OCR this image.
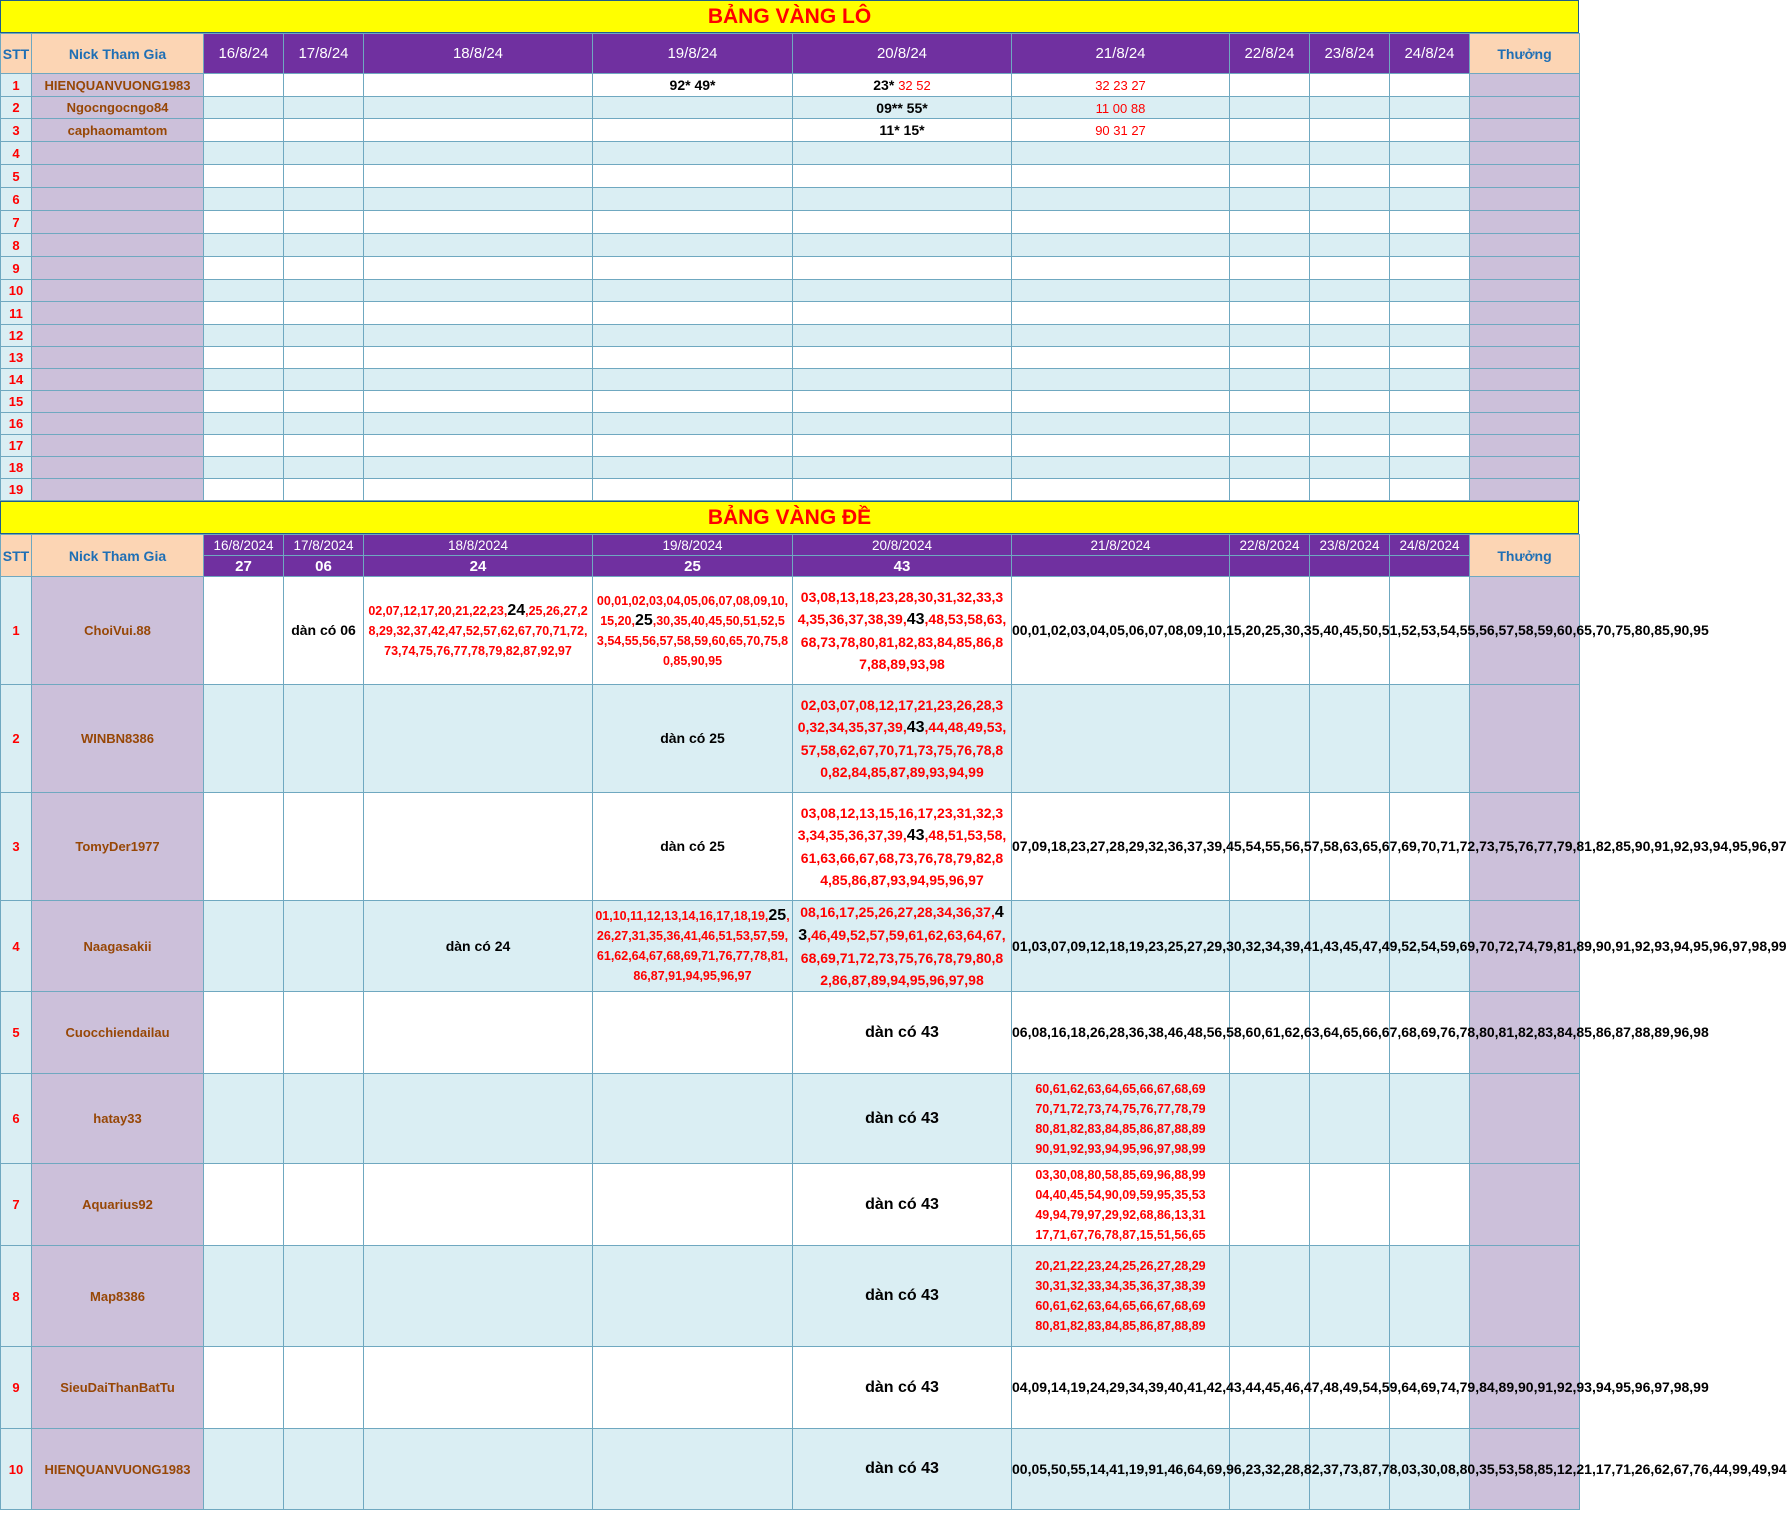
BẢNG VÀNG LÔ
STT	Nick Tham Gia	16/8/24	17/8/24	18/8/24	19/8/24	20/8/24	21/8/24	22/8/24	23/8/24	24/8/24	Thưởng
1	HIENQUANVUONG1983				92* 49*	23* 32 52	32 23 27				
2	Ngocngocngo84					09** 55*	11 00 88				
3	caphaomamtom					11* 15*	90 31 27				
4											
5											
6											
7											
8											
9											
10											
11											
12											
13											
14											
15											
16											
17											
18											
19											
BẢNG VÀNG ĐỀ
STT	Nick Tham Gia	16/8/2024	17/8/2024	18/8/2024	19/8/2024	20/8/2024	21/8/2024	22/8/2024	23/8/2024	24/8/2024	Thưởng
		27	06	24	25	43					
1	ChoiVui.88		dàn có 06	02,07,12,17,20,21,22,23,24,25,26,27,28,29,32,37,42,47,52,57,62,67,70,71,72,73,74,75,76,77,78,79,82,87,92,97	00,01,02,03,04,05,06,07,08,09,10,15,20,25,30,35,40,45,50,51,52,53,54,55,56,57,58,59,60,65,70,75,80,85,90,95	03,08,13,18,23,28,30,31,32,33,34,35,36,37,38,39,43,48,53,58,63,68,73,78,80,81,82,83,84,85,86,87,88,89,93,98	00,01,02,03,04,05,06,07,08,09,10,15,20,25,30,35,40,45,50,51,52,53,54,55,56,57,58,59,60,65,70,75,80,85,90,95				
2	WINBN8386				dàn có 25	02,03,07,08,12,17,21,23,26,28,30,32,34,35,37,39,43,44,48,49,53,57,58,62,67,70,71,73,75,76,78,80,82,84,85,87,89,93,94,99					

3	TomyDer1977				dàn có 25	03,08,12,13,15,16,17,23,31,32,33,34,35,36,37,39,43,48,51,53,58,61,63,66,67,68,73,76,78,79,82,84,85,86,87,93,94,95,96,97	07,09,18,23,27,28,29,32,36,37,39,45,54,55,56,57,58,63,65,67,69,70,71,72,73,75,76,77,79,81,82,85,90,91,92,93,94,95,96,97				
4	Naagasakii			dàn có 24	01,10,11,12,13,14,16,17,18,19,25,26,27,31,35,36,41,46,51,53,57,59,61,62,64,67,68,69,71,76,77,78,81,86,87,91,94,95,96,97	08,16,17,25,26,27,28,34,36,37,43,46,49,52,57,59,61,62,63,64,67,68,69,71,72,73,75,76,78,79,80,82,86,87,89,94,95,96,97,98	01,03,07,09,12,18,19,23,25,27,29,30,32,34,39,41,43,45,47,49,52,54,59,69,70,72,74,79,81,89,90,91,92,93,94,95,96,97,98,99				
5	Cuocchiendailau					dàn có 43	06,08,16,18,26,28,36,38,46,48,56,58,60,61,62,63,64,65,66,67,68,69,76,78,80,81,82,83,84,85,86,87,88,89,96,98				
6	hatay33					dàn có 43	60,61,62,63,64,65,66,67,68,69
70,71,72,73,74,75,76,77,78,79
80,81,82,83,84,85,86,87,88,89
90,91,92,93,94,95,96,97,98,99				

7	Aquarius92					dàn có 43	03,30,08,80,58,85,69,96,88,99
04,40,45,54,90,09,59,95,35,53
49,94,79,97,29,92,68,86,13,31
17,71,67,76,78,87,15,51,56,65				

8	Map8386					dàn có 43	20,21,22,23,24,25,26,27,28,29
30,31,32,33,34,35,36,37,38,39
60,61,62,63,64,65,66,67,68,69
80,81,82,83,84,85,86,87,88,89				

9	SieuDaiThanBatTu					dàn có 43	04,09,14,19,24,29,34,39,40,41,42,43,44,45,46,47,48,49,54,59,64,69,74,79,84,89,90,91,92,93,94,95,96,97,98,99				
10	HIENQUANVUONG1983					dàn có 43	00,05,50,55,14,41,19,91,46,64,69,96,23,32,28,82,37,73,87,78,03,30,08,80,35,53,58,85,12,21,17,71,26,62,67,76,44,99,49,94				
